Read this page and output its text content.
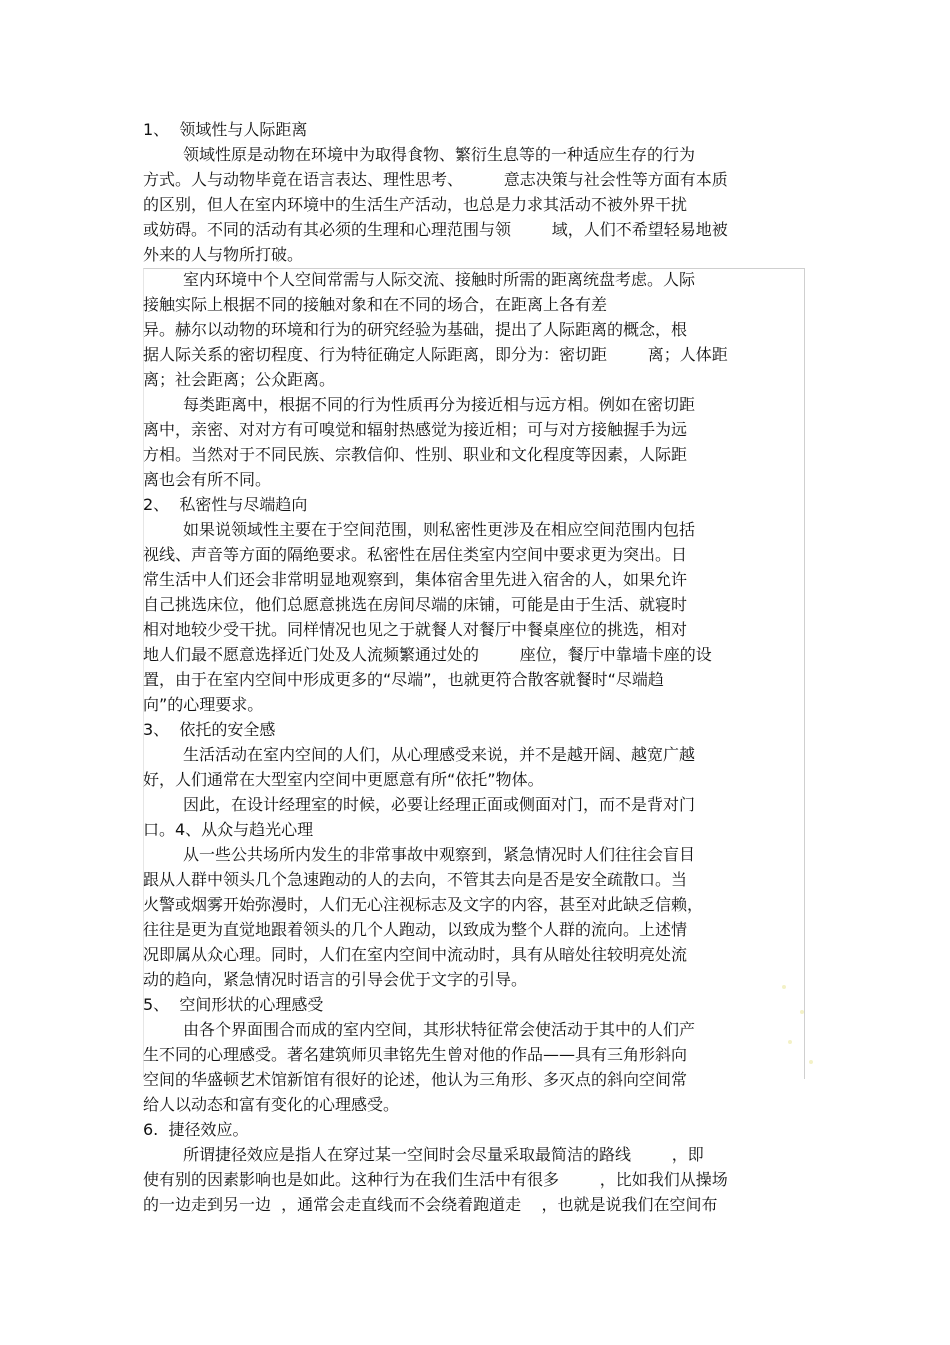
1、  领域性与人际距离
领域性原是动物在环境中为取得食物、繁衍生息等的一种适应生存的行为
方式。人与动物毕竟在语言表达、理性思考、        意志决策与社会性等方面有本质
的区别，但人在室内环境中的生活生产活动，也总是力求其活动不被外界干扰
或妨碍。不同的活动有其必须的生理和心理范围与领        域，人们不希望轻易地被
外来的人与物所打破。
室内环境中个人空间常需与人际交流、接触时所需的距离统盘考虑。人际
接触实际上根据不同的接触对象和在不同的场合，在距离上各有差
异。赫尔以动物的环境和行为的研究经验为基础，提出了人际距离的概念，根
据人际关系的密切程度、行为特征确定人际距离，即分为：密切距        离；人体距
离；社会距离；公众距离。
每类距离中，根据不同的行为性质再分为接近相与远方相。例如在密切距
离中，亲密、对对方有可嗅觉和辐射热感觉为接近相；可与对方接触握手为远
方相。当然对于不同民族、宗教信仰、性别、职业和文化程度等因素，人际距
离也会有所不同。
2、  私密性与尽端趋向
如果说领域性主要在于空间范围，则私密性更涉及在相应空间范围内包括
视线、声音等方面的隔绝要求。私密性在居住类室内空间中要求更为突出。日
常生活中人们还会非常明显地观察到，集体宿舍里先进入宿舍的人，如果允许
自己挑选床位，他们总愿意挑选在房间尽端的床铺，可能是由于生活、就寝时
相对地较少受干扰。同样情况也见之于就餐人对餐厅中餐桌座位的挑选，相对
地人们最不愿意选择近门处及人流频繁通过处的        座位，餐厅中靠墙卡座的设
置，由于在室内空间中形成更多的“尽端”，也就更符合散客就餐时“尽端趋
向”的心理要求。
3、  依托的安全感
生活活动在室内空间的人们，从心理感受来说，并不是越开阔、越宽广越
好，人们通常在大型室内空间中更愿意有所“依托”物体。
因此，在设计经理室的时候，必要让经理正面或侧面对门，而不是背对门
口。4、从众与趋光心理
从一些公共场所内发生的非常事故中观察到，紧急情况时人们往往会盲目
跟从人群中领头几个急速跑动的人的去向，不管其去向是否是安全疏散口。当
火警或烟雾开始弥漫时，人们无心注视标志及文字的内容，甚至对此缺乏信赖，
往往是更为直觉地跟着领头的几个人跑动，以致成为整个人群的流向。上述情
况即属从众心理。同时，人们在室内空间中流动时，具有从暗处往较明亮处流
动的趋向，紧急情况时语言的引导会优于文字的引导。
5、  空间形状的心理感受
由各个界面围合而成的室内空间，其形状特征常会使活动于其中的人们产
生不同的心理感受。著名建筑师贝聿铭先生曾对他的作品——具有三角形斜向
空间的华盛顿艺术馆新馆有很好的论述，他认为三角形、多灭点的斜向空间常
给人以动态和富有变化的心理感受。
6.  捷径效应。
所谓捷径效应是指人在穿过某一空间时会尽量采取最简洁的路线        ，即
使有别的因素影响也是如此。这种行为在我们生活中有很多        ，比如我们从操场
的一边走到另一边  ，通常会走直线而不会绕着跑道走    ，也就是说我们在空间布
